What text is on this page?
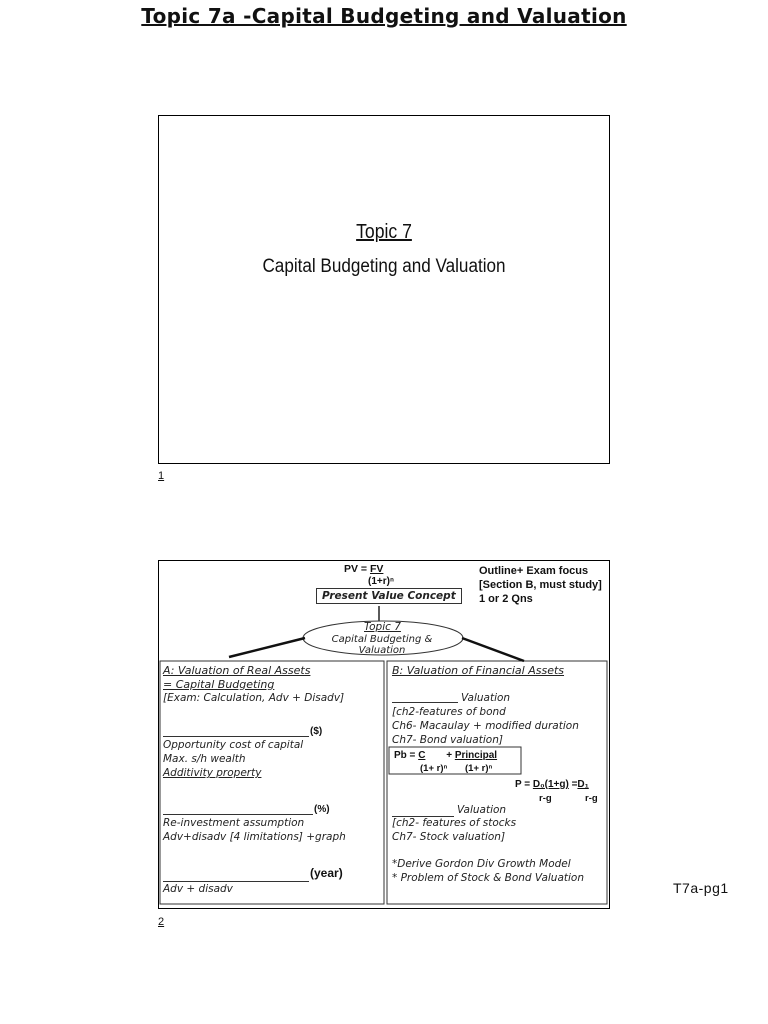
Topic 7a -Capital Budgeting and Valuation
Topic 7
Capital Budgeting and Valuation
1
PV = FV
(1+r)ⁿ
Present Value Concept
Outline+ Exam focus
[Section B, must study]
1 or 2 Qns
Topic 7
Capital Budgeting & Valuation
A: Valuation of Real Assets
= Capital Budgeting
[Exam: Calculation, Adv + Disadv]
($)
Opportunity cost of capital
Max. s/h wealth
Additivity property
(%)
Re-investment assumption
Adv+disadv [4 limitations] +graph
(year)
Adv + disadv
B: Valuation of Financial Assets
Valuation
[ch2-features of bond
Ch6- Macaulay + modified duration
Ch7- Bond valuation]
Pb = C + Principal
(1+ r)ⁿ (1+ r)ⁿ
P = D₀(1+g) =D₁
r-g	r-g
Valuation
[ch2- features of stocks
Ch7- Stock valuation]
*Derive Gordon Div Growth Model
* Problem of Stock & Bond Valuation
2
T7a-pg1
